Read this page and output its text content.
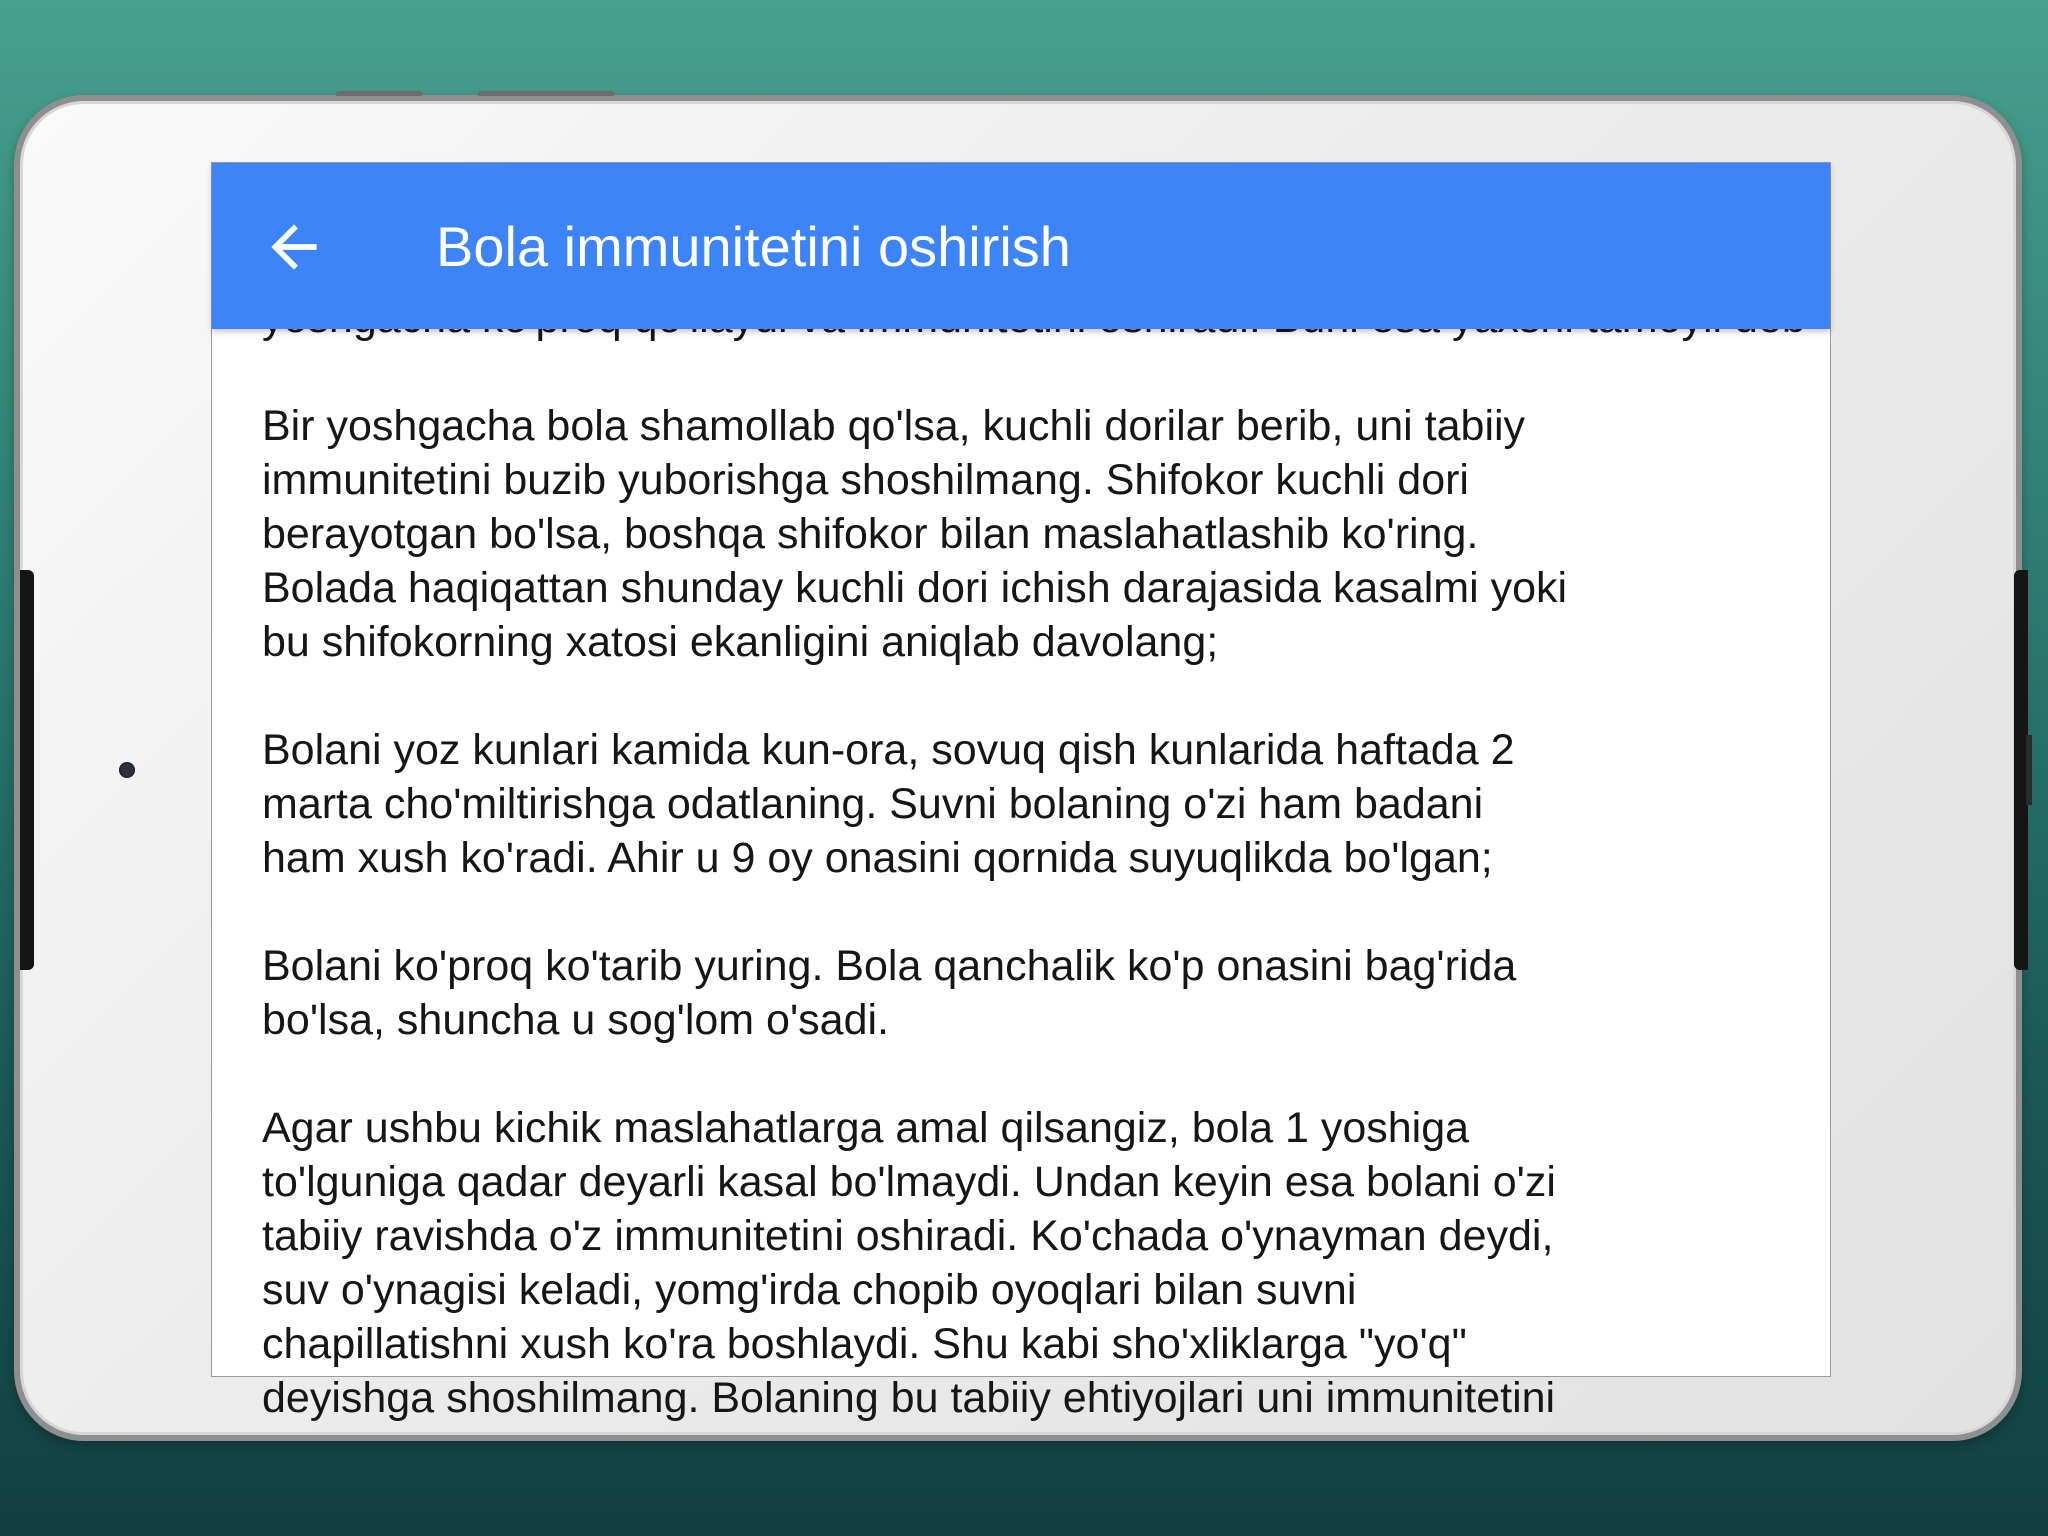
Bola immunitetini oshirish

Bir yoshgacha bola shamollab qo'lsa, kuchli dorilar berib, uni tabiiy
immunitetini buzib yuborishga shoshilmang. Shifokor kuchli dori
berayotgan bo'lsa, boshqa shifokor bilan maslahatlashib ko'ring.
Bolada haqiqattan shunday kuchli dori ichish darajasida kasalmi yoki
bu shifokorning xatosi ekanligini aniqlab davolang;

Bolani yoz kunlari kamida kun-ora, sovuq qish kunlarida haftada 2
marta cho'miltirishga odatlaning. Suvni bolaning o'zi ham badani
ham xush ko'radi. Ahir u 9 oy onasini qornida suyuqlikda bo'lgan;

Bolani ko'proq ko'tarib yuring. Bola qanchalik ko'p onasini bag'rida
bo'lsa, shuncha u sog'lom o'sadi.

Agar ushbu kichik maslahatlarga amal qilsangiz, bola 1 yoshiga
to'lguniga qadar deyarli kasal bo'lmaydi. Undan keyin esa bolani o'zi
tabiiy ravishda o'z immunitetini oshiradi. Ko'chada o'ynayman deydi,
suv o'ynagisi keladi, yomg'irda chopib oyoqlari bilan suvni
chapillatishni xush ko'ra boshlaydi. Shu kabi sho'xliklarga "yo'q"
deyishga shoshilmang. Bolaning bu tabiiy ehtiyojlari uni immunitetini
